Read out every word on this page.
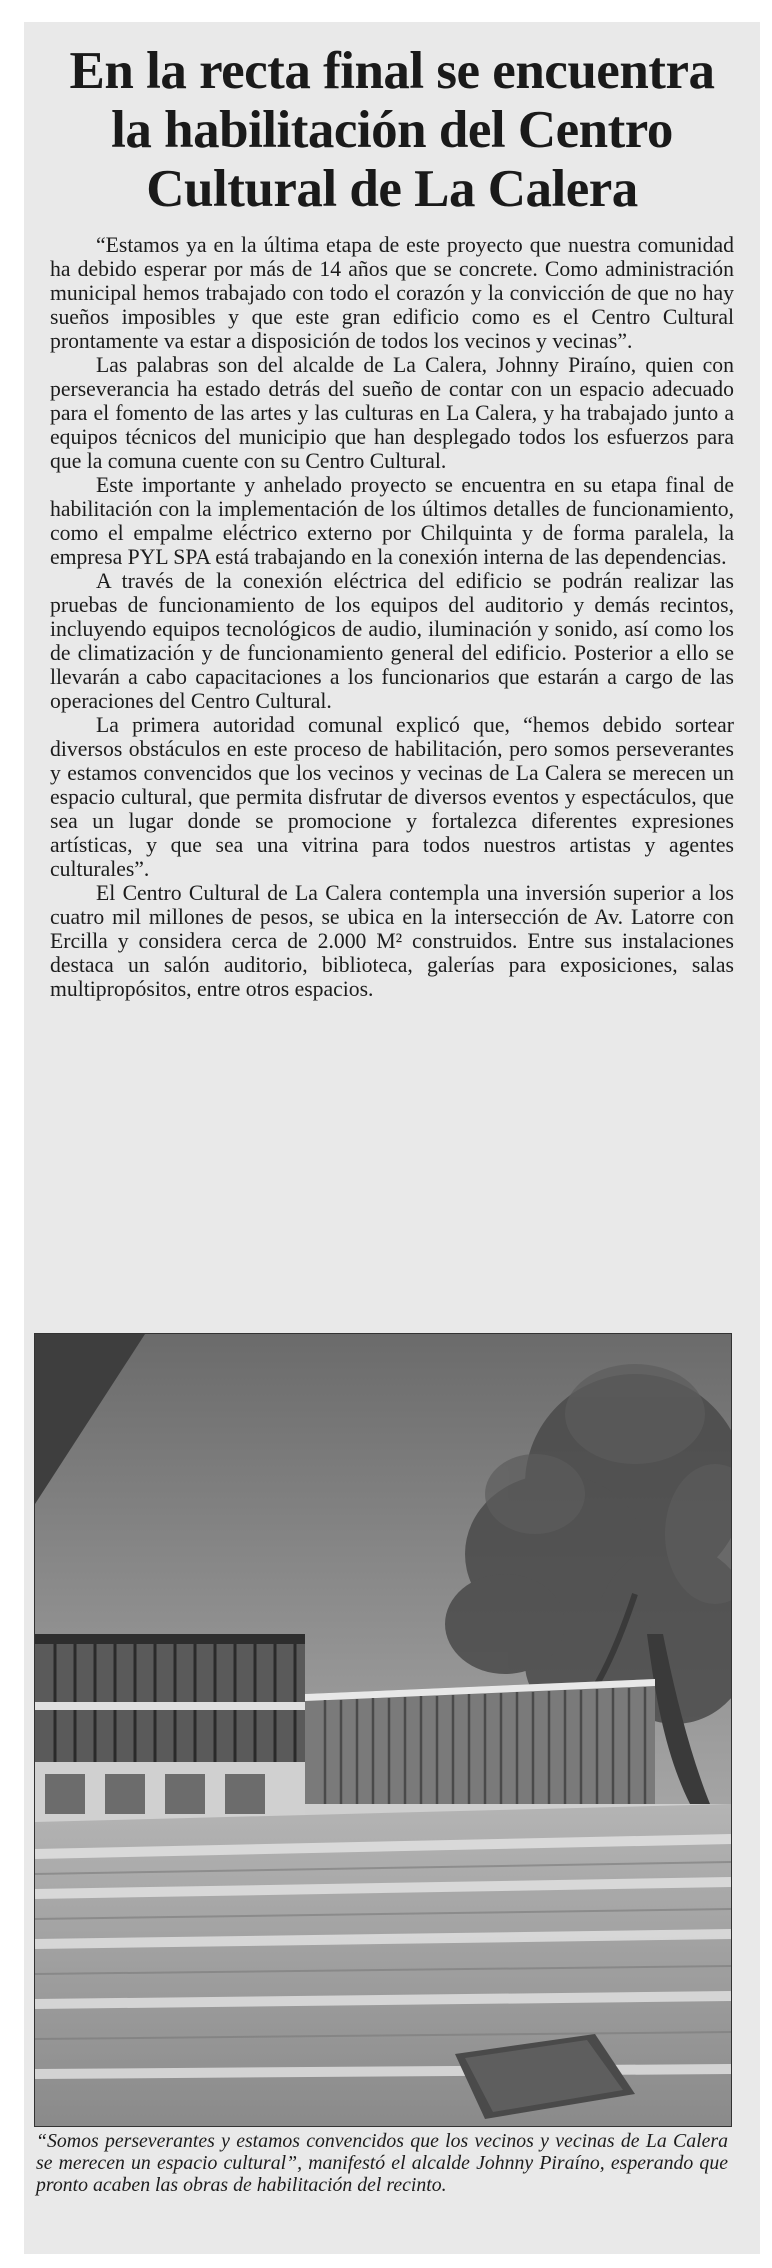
En la recta final se encuentra la habilitación del Centro Cultural de La Calera

“Estamos ya en la última etapa de este proyecto que nuestra comunidad ha debido esperar por más de 14 años que se concrete. Como administración municipal hemos trabajado con todo el corazón y la convicción de que no hay sueños imposibles y que este gran edificio como es el Centro Cultural prontamente va estar a disposición de todos los vecinos y vecinas”.

Las palabras son del alcalde de La Calera, Johnny Piraíno, quien con perseverancia ha estado detrás del sueño de contar con un espacio adecuado para el fomento de las artes y las culturas en La Calera, y ha trabajado junto a equipos técnicos del municipio que han desplegado todos los esfuerzos para que la comuna cuente con su Centro Cultural.

Este importante y anhelado proyecto se encuentra en su etapa final de habilitación con la implementación de los últimos detalles de funcionamiento, como el empalme eléctrico externo por Chilquinta y de forma paralela, la empresa PYL SPA está trabajando en la conexión interna de las dependencias.

A través de la conexión eléctrica del edificio se podrán realizar las pruebas de funcionamiento de los equipos del auditorio y demás recintos, incluyendo equipos tecnológicos de audio, iluminación y sonido, así como los de climatización y de funcionamiento general del edificio. Posterior a ello se llevarán a cabo capacitaciones a los funcionarios que estarán a cargo de las operaciones del Centro Cultural.

La primera autoridad comunal explicó que, “hemos debido sortear diversos obstáculos en este proceso de habilitación, pero somos perseverantes y estamos convencidos que los vecinos y vecinas de La Calera se merecen un espacio cultural, que permita disfrutar de diversos eventos y espectáculos, que sea un lugar donde se promocione y fortalezca diferentes expresiones artísticas, y que sea una vitrina para todos nuestros artistas y agentes culturales”.

El Centro Cultural de La Calera contempla una inversión superior a los cuatro mil millones de pesos, se ubica en la intersección de Av. Latorre con Ercilla y considera cerca de 2.000 M² construidos. Entre sus instalaciones destaca un salón auditorio, biblioteca, galerías para exposiciones, salas multipropósitos, entre otros espacios.

“Somos perseverantes y estamos convencidos que los vecinos y vecinas de La Calera se merecen un espacio cultural”, manifestó el alcalde Johnny Piraíno, esperando que pronto acaben las obras de habilitación del recinto.
